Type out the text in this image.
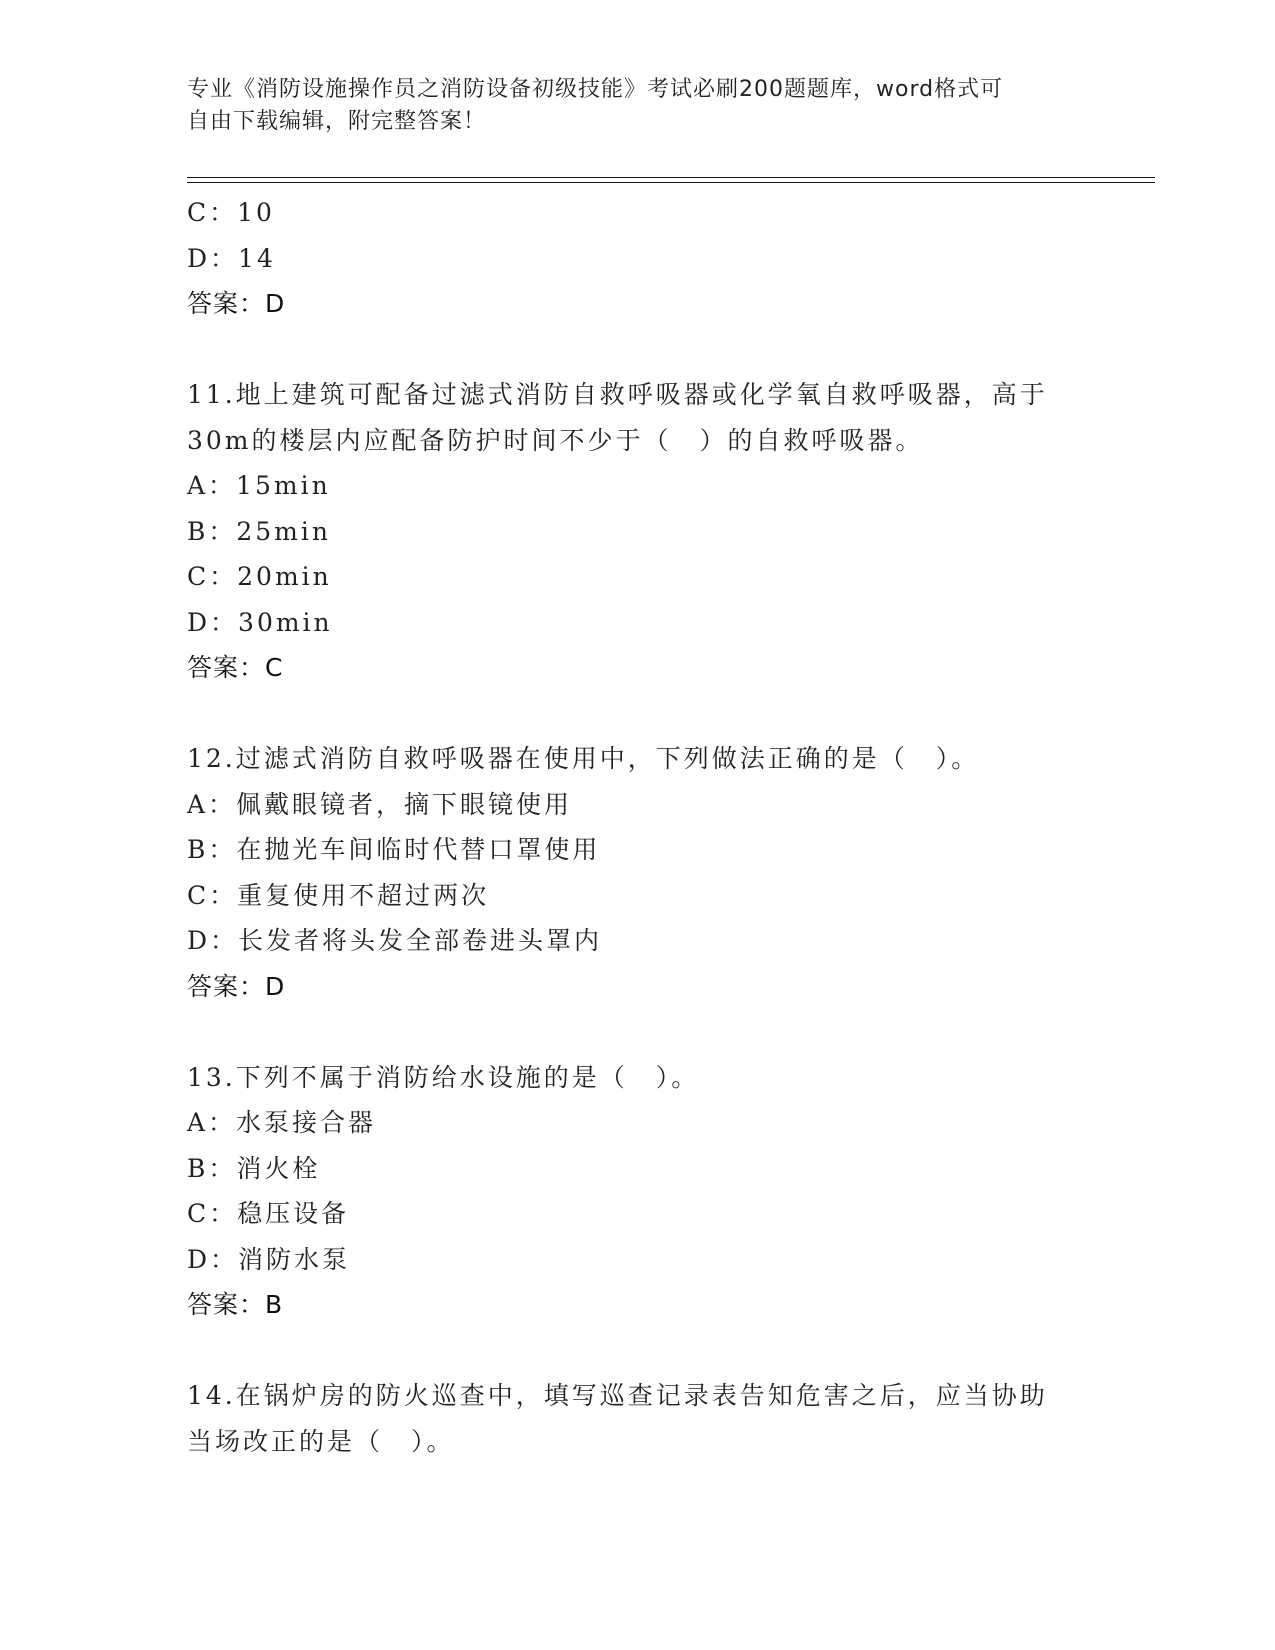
专业《消防设施操作员之消防设备初级技能》考试必刷200题题库，word格式可
自由下载编辑，附完整答案！
C：10
D：14
答案：D
11.地上建筑可配备过滤式消防自救呼吸器或化学氧自救呼吸器，高于
30m的楼层内应配备防护时间不少于（　）的自救呼吸器。
A：15min
B：25min
C：20min
D：30min
答案：C
12.过滤式消防自救呼吸器在使用中，下列做法正确的是（　）。
A：佩戴眼镜者，摘下眼镜使用
B：在抛光车间临时代替口罩使用
C：重复使用不超过两次
D：长发者将头发全部卷进头罩内
答案：D
13.下列不属于消防给水设施的是（　）。
A：水泵接合器
B：消火栓
C：稳压设备
D：消防水泵
答案：B
14.在锅炉房的防火巡查中，填写巡查记录表告知危害之后，应当协助
当场改正的是（　）。
